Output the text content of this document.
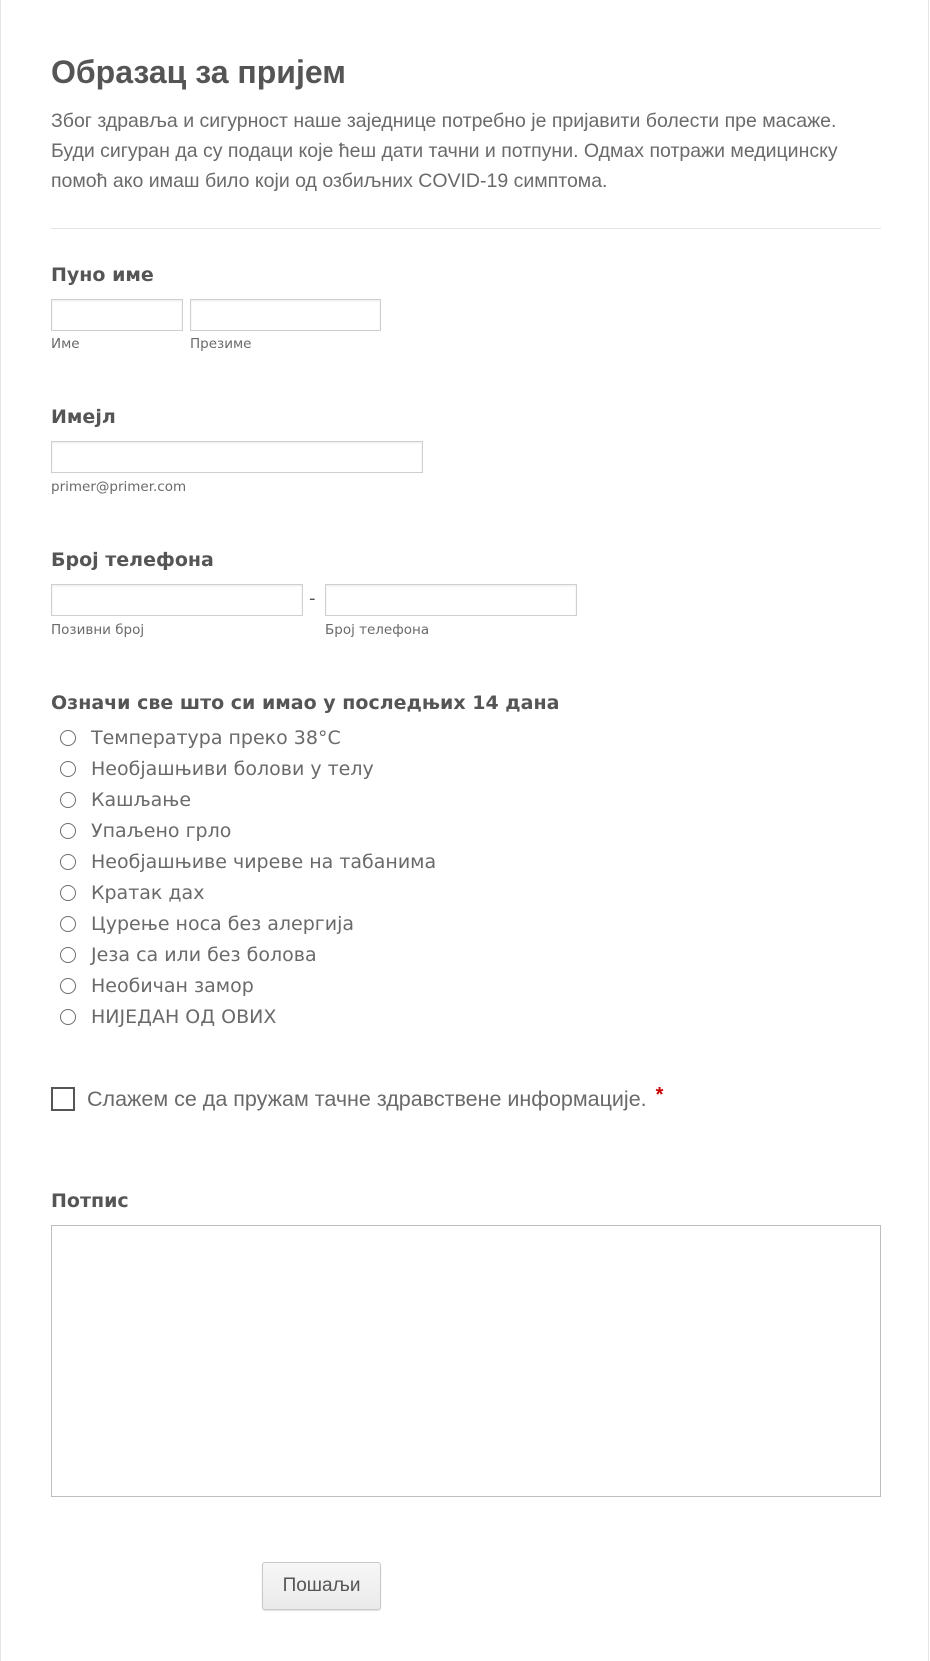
Образац за пријем

Због здравља и сигурност наше заједнице потребно је пријавити болести пре масаже. Буди сигуран да су подаци које ћеш дати тачни и потпуни. Одмах потражи медицинску помоћ ако имаш било који од озбиљних COVID-19 симптома.

Пуно име
Име	Презиме
Имејл
primer@primer.com
Број телефона
-
Позивни број	Број телефона
Означи све што си имао у последњих 14 дана
Температура преко 38°C
Необјашњиви болови у телу
Кашљање
Упаљено грло
Необјашњиве чиреве на табанима
Кратак дах
Цурење носа без алергија
Језа са или без болова
Необичан замор
НИЈЕДАН ОД ОВИХ
Слажем се да пружам тачне здравствене информације. *
Потпис
Пошаљи
